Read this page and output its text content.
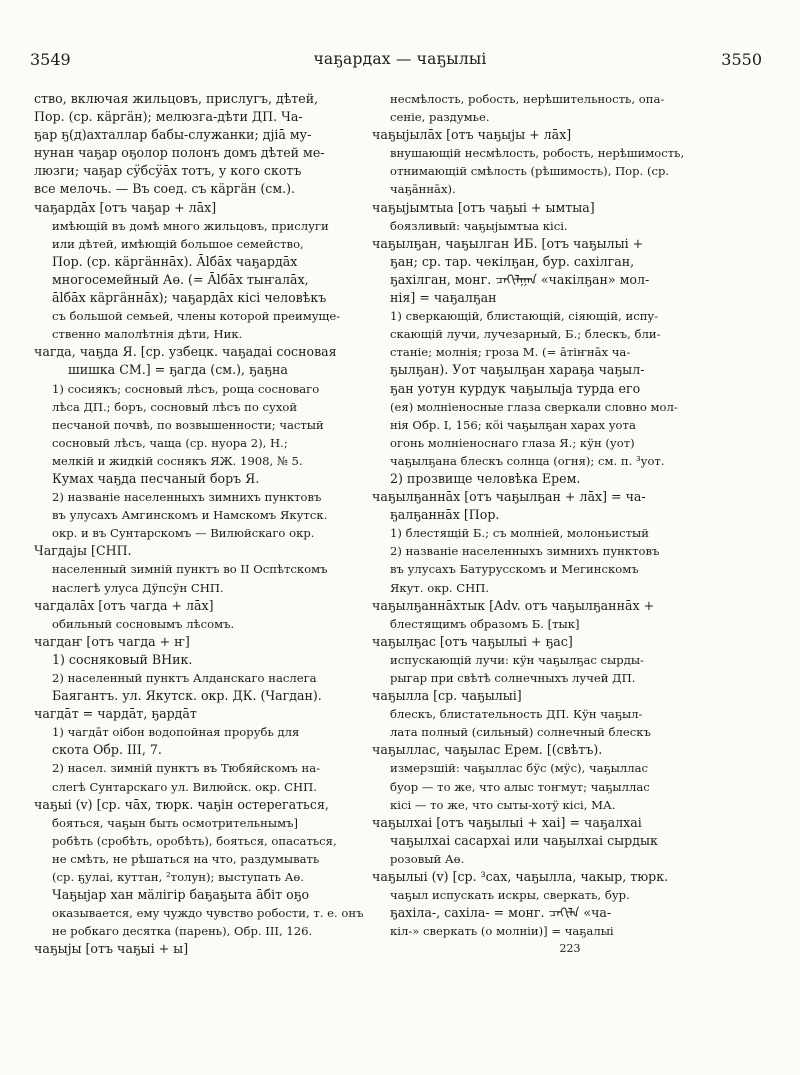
3549	чаҕардах — чаҕылыі	3550
ство, включая жильцовъ, прислугъ, дѣтей,
Пор. (ср. кӓргӓн); мелюзга-дѣти ДП. Ча-
ҕар ҕ(д)ахталлар бабы-служанки; дjiā му-
нунан чаҕар оҕолор полонъ домъ дѣтей ме-
люзги; чаҕар сӱбсӱāх тотъ, у кого скотъ
все мелочь. — Въ соед. съ кӓргӓн (см.).
чаҕардāх [отъ чаҕар + лāх]
имѣющiй въ домѣ много жильцовъ, прислуги
или дѣтей, имѣющiй большое семейство,
Пор. (ср. кӓргӓннāх). Ālбāх чаҕардāх
многосемейный Аө. (= Ālбāх тыҥалāх,
ālбāх кӓргӓннāх); чаҕардāх кiсi человѣкъ
съ большой семьей, члены которой преимуще-
ственно малолѣтнiя дѣти, Ник.
чагда, чаҕда Я. [ср. узбецк. чаҕадаі сосновая
шишка СМ.] = ҕагда (см.), ҕаҕна
1) сосиякъ; сосновый лѣсъ, роща сосноваго
лѣса ДП.; боръ, сосновый лѣсъ по сухой
песчаной почвѣ, по возвышенности; частый
сосновый лѣсъ, чаща (ср. нуора 2), Н.;
мелкiй и жидкiй соснякъ ЯЖ. 1908, № 5.
Кумах чаҕда песчаный боръ Я.
2) названiе населенныхъ зимнихъ пунктовъ
въ улусахъ Амгинскомъ и Намскомъ Якутск.
окр. и въ Сунтарскомъ — Вилюйскаго окр.
Чагдајы [СНП.
населенный зимнiй пунктъ во II Оспѣтскомъ
наслегѣ улуса Дӱпсӱн СНП.
чагдалāх [отъ чагда + лāх]
обильный сосновымъ лѣсомъ.
чагдаҥ [отъ чагда + ҥ]
1) сосняковый ВНик.
2) населенный пунктъ Алданскаго наслега
Баягантъ. ул. Якутск. окр. ДК. (Чагдан).
чагдāт = чардāт, ҕардāт
1) чагдāт оібон водопойная прорубь для
скота Обр. III, 7.
2) насел. зимнiй пунктъ въ Тюбяйскомъ на-
слегѣ Сунтарскаго ул. Вилюйск. окр. СНП.
чаҕыі (v) [ср. чāх, тюрк. чаҕiн остерегаться,
бояться, чаҕын быть осмотрительнымъ]
робѣть (сробѣть, оробѣть), бояться, опасаться,
не смѣть, не рѣшаться на что, раздумывать
(ср. ҕулаі, куттан, ²толун); выступать Аө.
Чаҕыјар хан мӓлiгiр баҕаҕыта āбiт оҕо
оказывается, ему чуждо чувство робости, т. е. онъ
не робкаго десятка (парень), Обр. III, 126.
чаҕыјы [отъ чаҕыі + ы]
несмѣлость, робость, нерѣшительность, опа-
сенiе, раздумье.
чаҕыјылāх [отъ чаҕыјы + лāх]
внушающiй несмѣлость, робость, нерѣшимость,
отнимающiй смѣлость (рѣшимость), Пор. (ср.
чаҕāннāх).
чаҕыјымтыа [отъ чаҕыі + ымтыа]
боязливый: чаҕыјымтыа кiсi.
чаҕылҕан, чаҕылган ИБ. [отъ чаҕылыі +
ҕан; ср. тар. чекiлҕан, бур. сахiлган,
ҕахiлган, монг. ᠴᠠᠬᠢᠯᠭᠠᠨ «чакiлҕан» мол-
нiя] = чаҕалҕан
1) сверкающiй, блистающiй, сiяющiй, испу-
скающiй лучи, лучезарный, Б.; блескъ, бли-
станiе; молнiя; гроза М. (= āтiҥнāх ча-
ҕылҕан). Уот чаҕылҕан хараҕа чаҕыл-
ҕан уотун курдук чаҕылыја турда его
(ея) молнiеносные глаза сверкали словно мол-
нiя Обр. I, 156; кӧi чаҕылҕан харах уота
огонь молнiеноснаго глаза Я.; кӱн (уот)
чаҕылҕана блескъ солнца (огня); см. п. ³уот.
2) прозвище человѣка Ерем.
чаҕылҕаннāх [отъ чаҕылҕан + лāх] = ча-
ҕалҕаннāх [Пор.
1) блестящiй Б.; съ молнiей, молоньистый
2) названiе населенныхъ зимнихъ пунктовъ
въ улусахъ Батурусскомъ и Мегинскомъ
Якут. окр. СНП.
чаҕылҕаннāхтык [Adv. отъ чаҕылҕаннāх +
блестящимъ образомъ Б. [тык]
чаҕылҕас [отъ чаҕылыі + ҕас]
испускающiй лучи: кӱн чаҕылҕас сырды-
рыгар при свѣтѣ солнечныхъ лучей ДП.
чаҕылла [ср. чаҕылыі]
блескъ, блистательность ДП. Кӱн чаҕыл-
лата полный (сильный) солнечный блескъ
чаҕыллас, чаҕылас Ерем. [(свѣтъ).
измерзшiй: чаҕыллас бӱс (мӱс), чаҕыллас
буор — то же, что алыс тоҥмут; чаҕыллас
кiсi — то же, что сыты-хотӱ кiсi, МА.
чаҕылхаі [отъ чаҕылыі + хаі] = чаҕалхаі
чаҕылхаі сасархаі или чаҕылхаі сырдык
розовый Аө.
чаҕылыі (v) [ср. ³сах, чаҕылла, чакыр, тюрк.
чаҕыл испускать искры, сверкать, бур.
ҕахiла-, сахiла- = монг. ᠴᠠᠬᠢᠯᠠ «ча-
кiл-» сверкать (о молнiи)] = чаҕалыі
223
